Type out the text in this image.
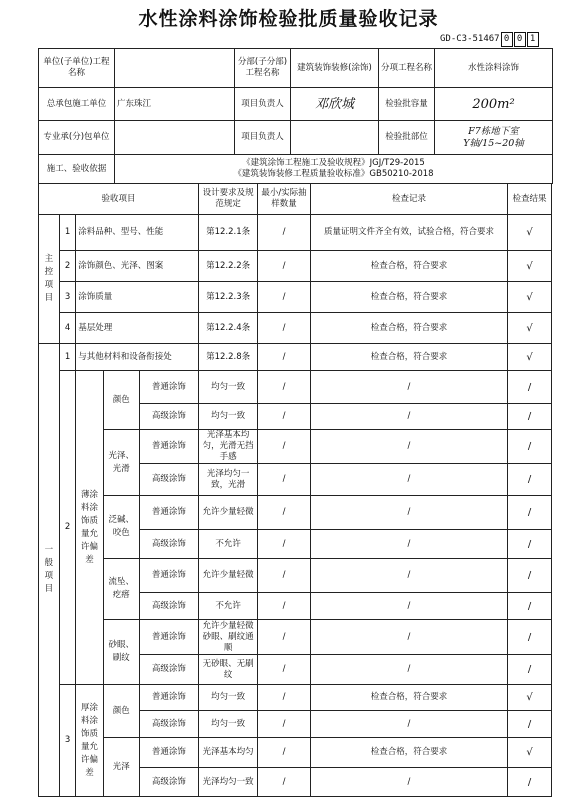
水性涂料涂饰检验批质量验收记录
GD-C3-51467 0 0 1
单位(子单位)工程名称		分部(子分部)工程名称	建筑装饰装修(涂饰)	分项工程名称	水性涂料涂饰
总承包施工单位	广东珠江	项目负责人	邓欣城	检验批容量	200m²
专业承(分)包单位		项目负责人		检验批部位	F7栋地下室
Y轴/15~20轴

施工、验收依据	《建筑涂饰工程施工及验收规程》JGJ/T29-2015
《建筑装饰装修工程质量验收标准》GB50210-2018				
验收项目					设计要求及规范规定	最小/实际抽样数量	检查记录	检查结果
主控项目	1	涂料品种、型号、性能			第12.2.1条	/	质量证明文件齐全有效，试验合格，符合要求	√
	2	涂饰颜色、光泽、图案			第12.2.2条	/	检查合格，符合要求	√
	3	涂饰质量			第12.2.3条	/	检查合格，符合要求	√
	4	基层处理			第12.2.4条	/	检查合格，符合要求	√
一般项目	1	与其他材料和设备衔接处			第12.2.8条	/	检查合格，符合要求	√
	2	薄涂料涂饰质量允许偏差	颜色	普通涂饰	均匀一致	/	/	/
				高级涂饰	均匀一致	/	/	/
			光泽、光滑	普通涂饰	光泽基本均匀，光滑无挡手感	/	/	/
				高级涂饰	光泽均匀一致，光滑	/	/	/
			泛碱、咬色	普通涂饰	允许少量轻微	/	/	/
				高级涂饰	不允许	/	/	/
			流坠、疙瘩	普通涂饰	允许少量轻微	/	/	/
				高级涂饰	不允许	/	/	/
			砂眼、刷纹	普通涂饰	允许少量轻微砂眼、刷纹通顺	/	/	/
				高级涂饰	无砂眼、无刷纹	/	/	/
	3	厚涂料涂饰质量允许偏差	颜色	普通涂饰	均匀一致	/	检查合格，符合要求	√
				高级涂饰	均匀一致	/	/	/
			光泽	普通涂饰	光泽基本均匀	/	检查合格，符合要求	√
				高级涂饰	光泽均匀一致	/	/	/
